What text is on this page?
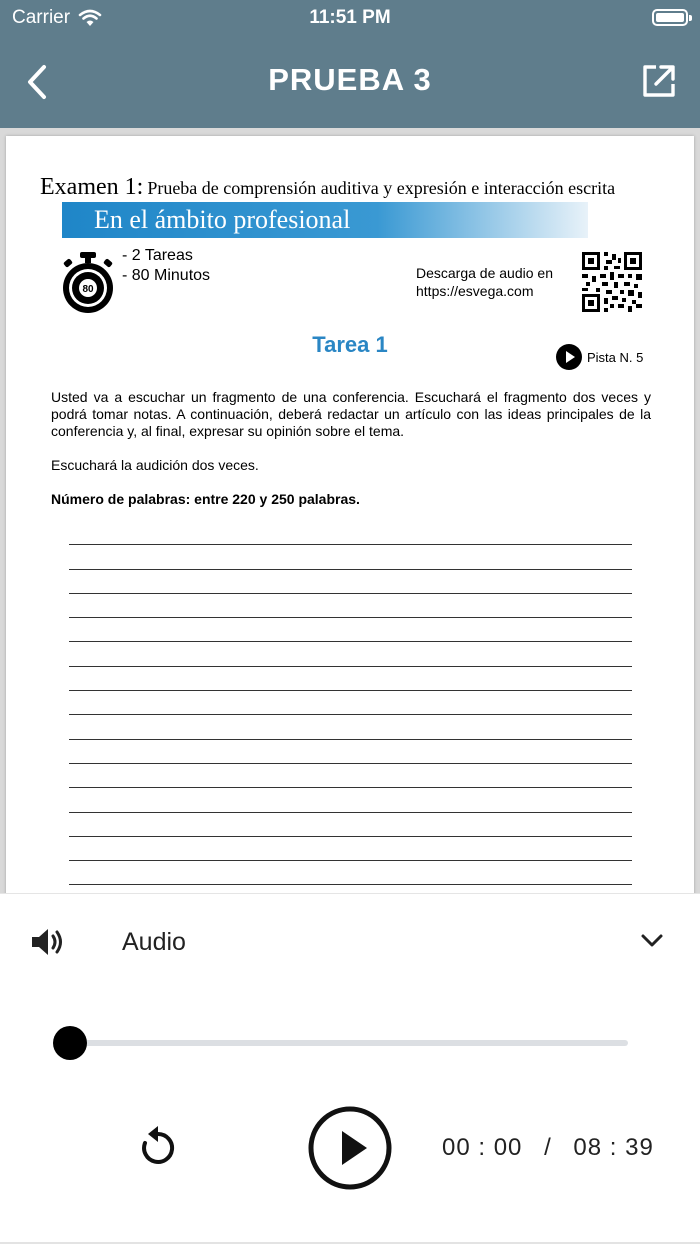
Carrier	11:51 PM
PRUEBA 3
Examen 1: Prueba de comprensión auditiva y expresión e interacción escrita
En el ámbito profesional
80
- 2 Tareas
- 80 Minutos	Descarga de audio en
https://esvega.com
Tarea 1	Pista N. 5
Usted va a escuchar un fragmento de una conferencia. Escuchará el fragmento dos veces y podrá tomar notas. A continuación, deberá redactar un artículo con las ideas principales de la conferencia y, al final, expresar su opinión sobre el tema.
Escuchará la audición dos veces.
Número de palabras: entre 220 y 250 palabras.
Audio
00 : 00 / 08 : 39
